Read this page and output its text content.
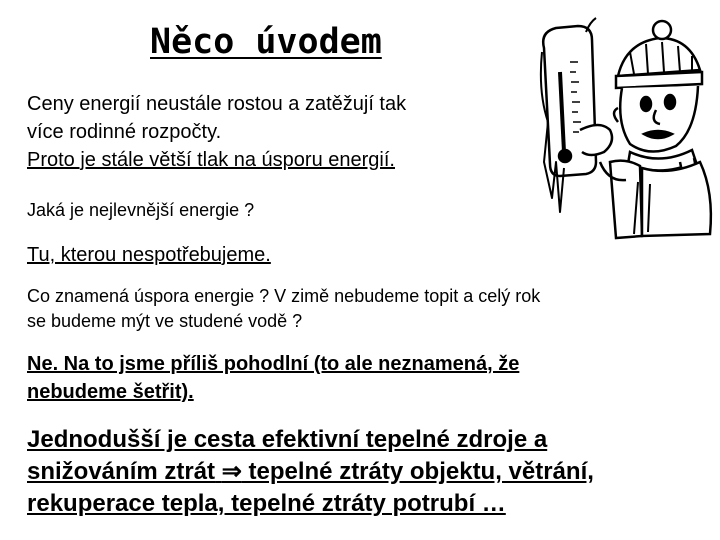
Něco úvodem

Ceny energií neustále rostou a zatěžují tak
více rodinné rozpočty.
Proto je stále větší tlak na úsporu energií.

Jaká je nejlevnější energie ?

Tu, kterou nespotřebujeme.

Co znamená úspora energie ? V zimě nebudeme topit a celý rok
se budeme mýt ve studené vodě ?

Ne. Na to jsme příliš pohodlní (to ale neznamená, že
nebudeme šetřit).

Jednodušší je cesta efektivní tepelné zdroje a
snižováním ztrát ⇒ tepelné ztráty objektu, větrání,
rekuperace tepla, tepelné ztráty potrubí …
